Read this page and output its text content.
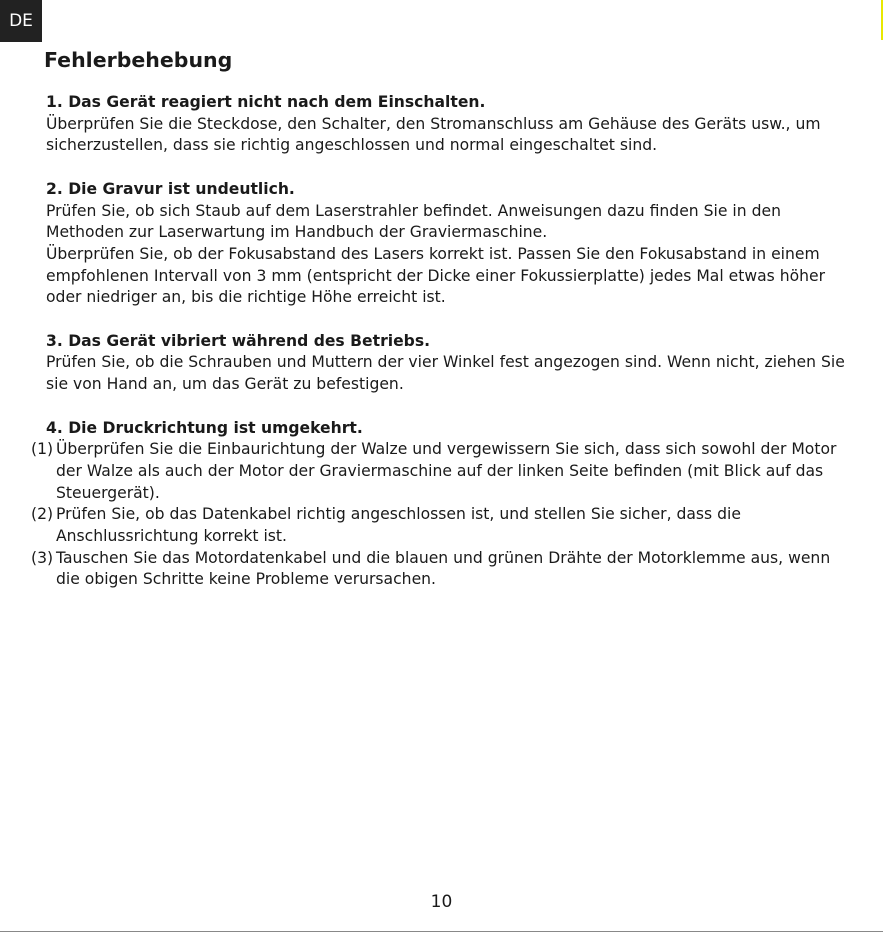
DE
Fehlerbehebung
1. Das Gerät reagiert nicht nach dem Einschalten.

Überprüfen Sie die Steckdose, den Schalter, den Stromanschluss am Gehäuse des Geräts usw., um sicherzustellen, dass sie richtig angeschlossen und normal eingeschaltet sind.

2. Die Gravur ist undeutlich.

Prüfen Sie, ob sich Staub auf dem Laserstrahler befindet. Anweisungen dazu finden Sie in den Methoden zur Laserwartung im Handbuch der Graviermaschine.

Überprüfen Sie, ob der Fokusabstand des Lasers korrekt ist. Passen Sie den Fokusabstand in einem empfohlenen Intervall von 3 mm (entspricht der Dicke einer Fokussierplatte) jedes Mal etwas höher oder niedriger an, bis die richtige Höhe erreicht ist.

3. Das Gerät vibriert während des Betriebs.

Prüfen Sie, ob die Schrauben und Muttern der vier Winkel fest angezogen sind. Wenn nicht, ziehen Sie sie von Hand an, um das Gerät zu befestigen.

4. Die Druckrichtung ist umgekehrt.
(1) Überprüfen Sie die Einbaurichtung der Walze und vergewissern Sie sich, dass sich sowohl der Motor der Walze als auch der Motor der Graviermaschine auf der linken Seite befinden (mit Blick auf das Steuergerät).
(2) Prüfen Sie, ob das Datenkabel richtig angeschlossen ist, und stellen Sie sicher, dass die Anschlussrichtung korrekt ist.
(3) Tauschen Sie das Motordatenkabel und die blauen und grünen Drähte der Motorklemme aus, wenn die obigen Schritte keine Probleme verursachen.
10
